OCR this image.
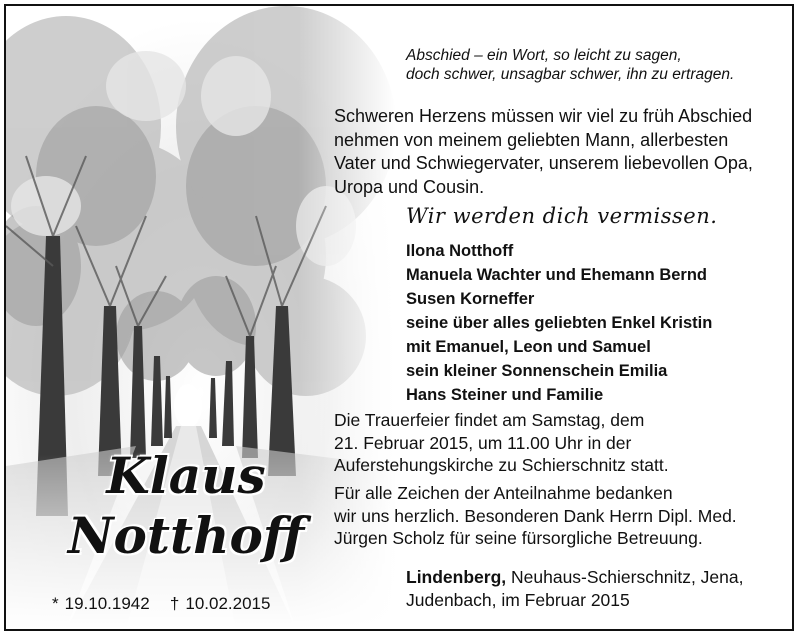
Klaus
Notthoff
* 19.10.1942 † 10.02.2015
Abschied – ein Wort, so leicht zu sagen,
doch schwer, unsagbar schwer, ihn zu ertragen.
Schweren Herzens müssen wir viel zu früh Abschied
nehmen von meinem geliebten Mann, allerbesten
Vater und Schwiegervater, unserem liebevollen Opa,
Uropa und Cousin.
Wir werden dich vermissen.
Ilona Notthoff
Manuela Wachter und Ehemann Bernd
Susen Korneffer
seine über alles geliebten Enkel Kristin
mit Emanuel, Leon und Samuel
sein kleiner Sonnenschein Emilia
Hans Steiner und Familie
Die Trauerfeier findet am Samstag, dem
21. Februar 2015, um 11.00 Uhr in der
Auferstehungskirche zu Schierschnitz statt.
Für alle Zeichen der Anteilnahme bedanken
wir uns herzlich. Besonderen Dank Herrn Dipl. Med.
Jürgen Scholz für seine fürsorgliche Betreuung.
Lindenberg, Neuhaus-Schierschnitz, Jena,
Judenbach, im Februar 2015
